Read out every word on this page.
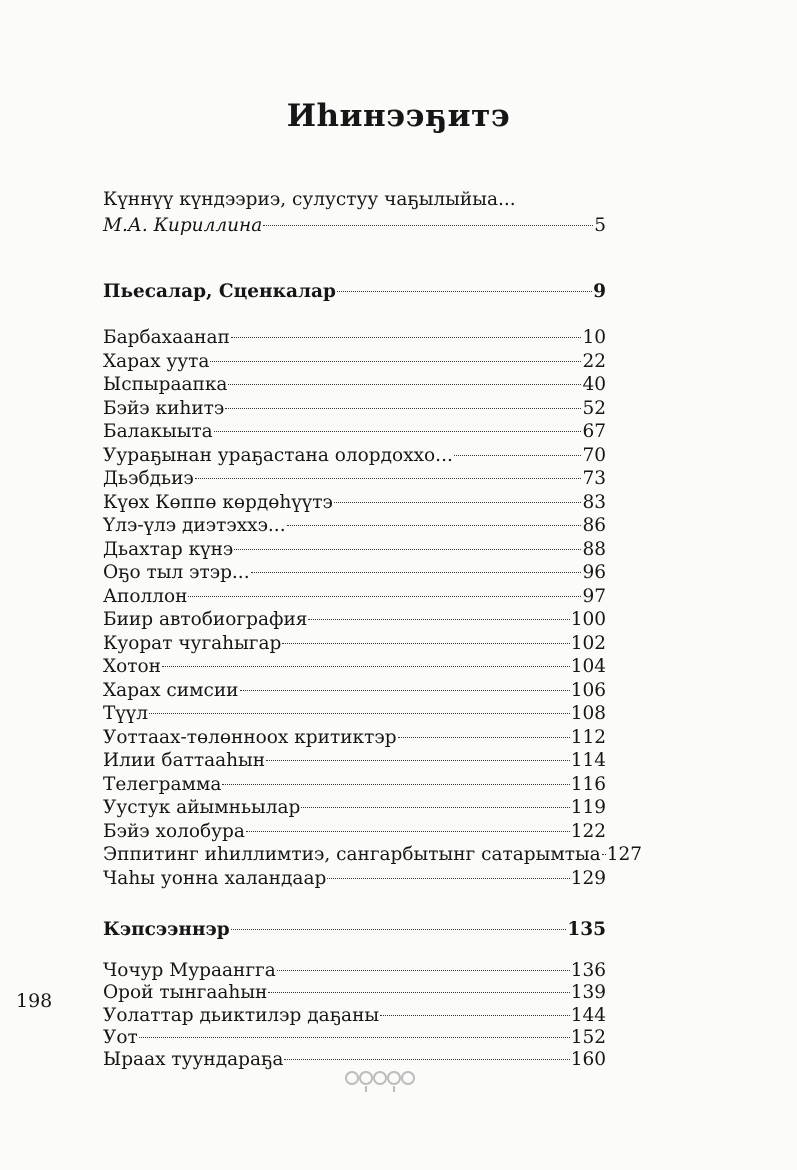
Иhинээҕитэ
Күннүү күндээриэ, сулустуу чаҕылыйыа...
М.А. Кириллина	5
Пьесалар, Сценкалар	9
Барбахаанап	10
Харах уута	22
Ыспыраапка	40
Бэйэ киhитэ	52
Балакыыта	67
Уураҕынан ураҕастана олордоххо...	70
Дьэбдьиэ	73
Күөх Көппө көрдөhүүтэ	83
Үлэ-үлэ диэтэххэ...	86
Дьахтар күнэ	88
Оҕо тыл этэр...	96
Аполлон	97
Биир автобиография	100
Куорат чугаhыгар	102
Хотон	104
Харах симсии	106
Түүл	108
Уоттаах-төлөнноох критиктэр	112
Илии баттааhын	114
Телеграмма	116
Уустук айымньылар	119
Бэйэ холобура	122
Эппитинг иhиллимтиэ, сангарбытынг сатарымтыа 127
Чаhы уонна халандаар	129
Кэпсээннэр	135
Чочур Мураангга	136
Орой тынгааhын	139
Уолаттар дьиктилэр даҕаны	144
Уот	152
Ыраах туундараҕа	160
198
